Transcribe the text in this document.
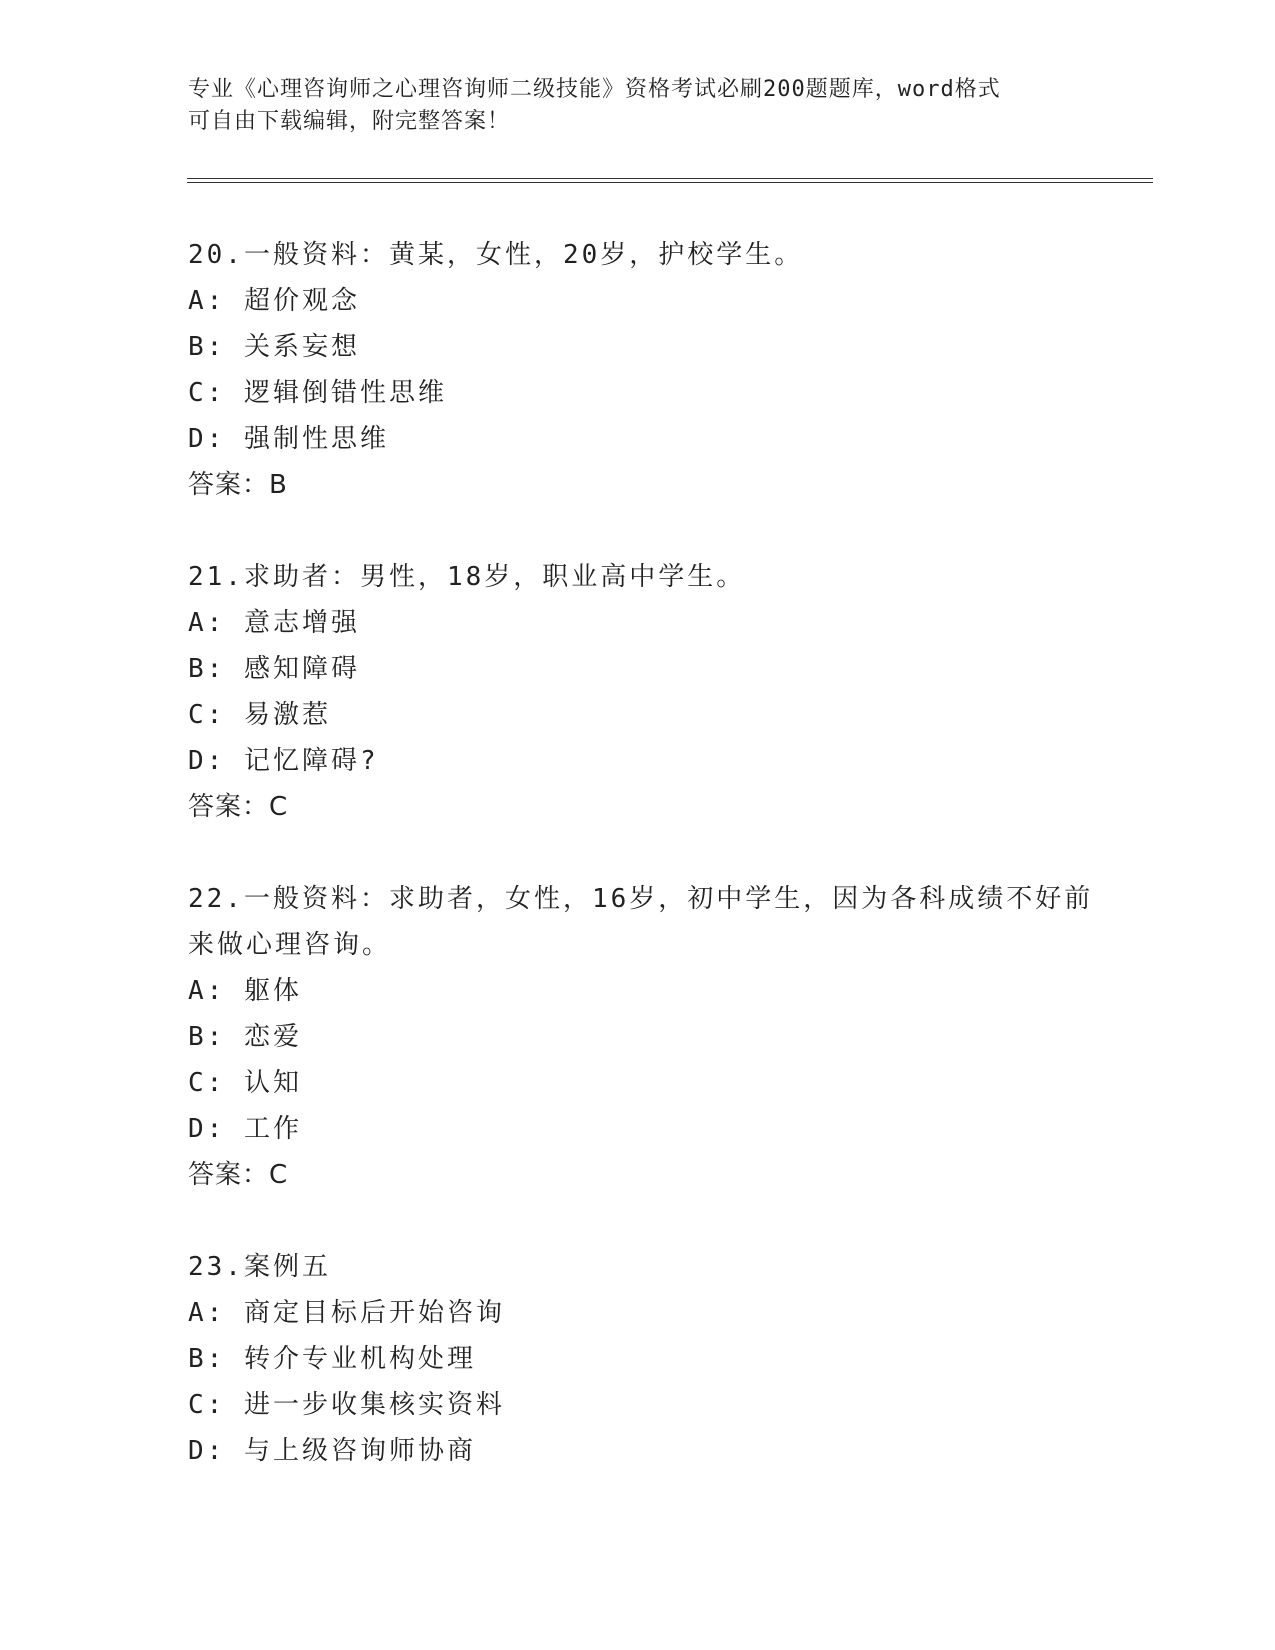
专业《心理咨询师之心理咨询师二级技能》资格考试必刷200题题库，word格式
可自由下载编辑，附完整答案！
20.一般资料：黄某，女性，20岁，护校学生。
A: 超价观念
B: 关系妄想
C: 逻辑倒错性思维
D: 强制性思维
答案：B
21.求助者：男性，18岁，职业高中学生。
A: 意志增强
B: 感知障碍
C: 易激惹
D: 记忆障碍?
答案：C
22.一般资料：求助者，女性，16岁，初中学生，因为各科成绩不好前
来做心理咨询。
A: 躯体
B: 恋爱
C: 认知
D: 工作
答案：C
23.案例五
A: 商定目标后开始咨询
B: 转介专业机构处理
C: 进一步收集核实资料
D: 与上级咨询师协商
